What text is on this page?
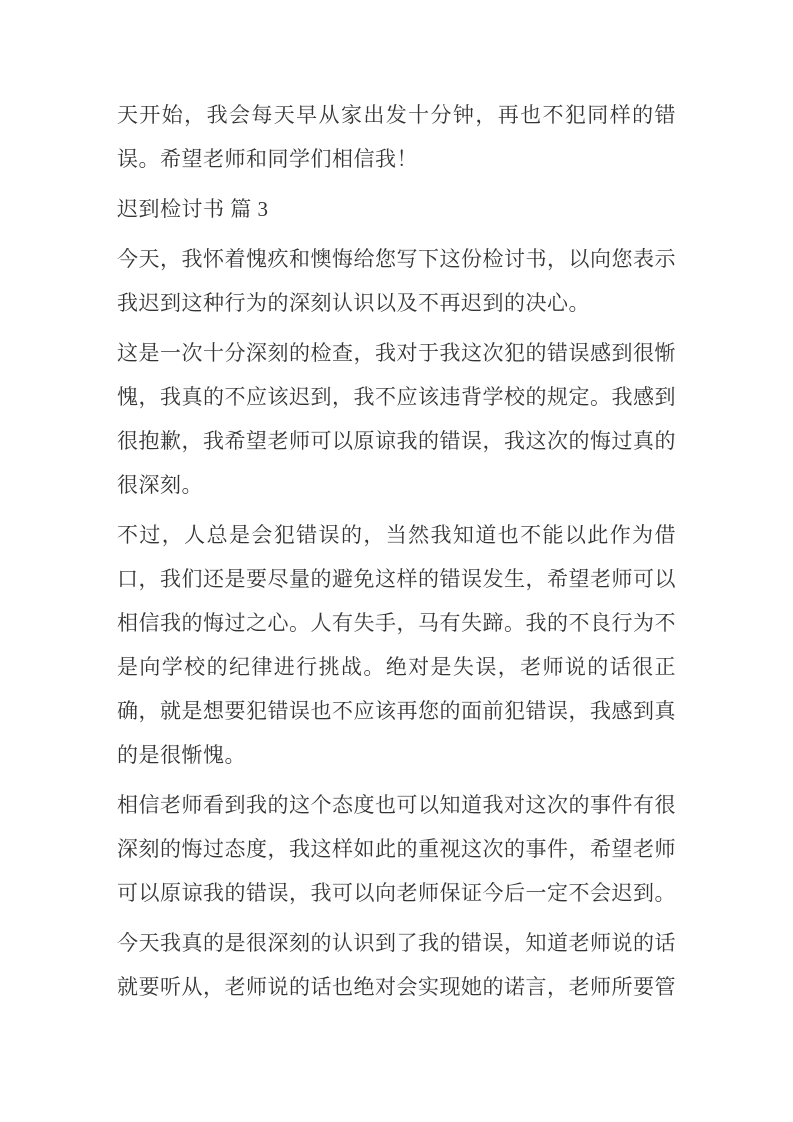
天开始，我会每天早从家出发十分钟，再也不犯同样的错误。希望老师和同学们相信我！

迟到检讨书 篇 3

今天，我怀着愧疚和懊悔给您写下这份检讨书，以向您表示我迟到这种行为的深刻认识以及不再迟到的决心。

这是一次十分深刻的检查，我对于我这次犯的错误感到很惭愧，我真的不应该迟到，我不应该违背学校的规定。我感到很抱歉，我希望老师可以原谅我的错误，我这次的悔过真的很深刻。

不过，人总是会犯错误的，当然我知道也不能以此作为借口，我们还是要尽量的避免这样的错误发生，希望老师可以相信我的悔过之心。人有失手，马有失蹄。我的不良行为不是向学校的纪律进行挑战。绝对是失误，老师说的话很正确，就是想要犯错误也不应该再您的面前犯错误，我感到真的是很惭愧。

相信老师看到我的这个态度也可以知道我对这次的事件有很深刻的悔过态度，我这样如此的重视这次的事件，希望老师可以原谅我的错误，我可以向老师保证今后一定不会迟到。

今天我真的是很深刻的认识到了我的错误，知道老师说的话就要听从，老师说的话也绝对会实现她的诺言，老师所要管
